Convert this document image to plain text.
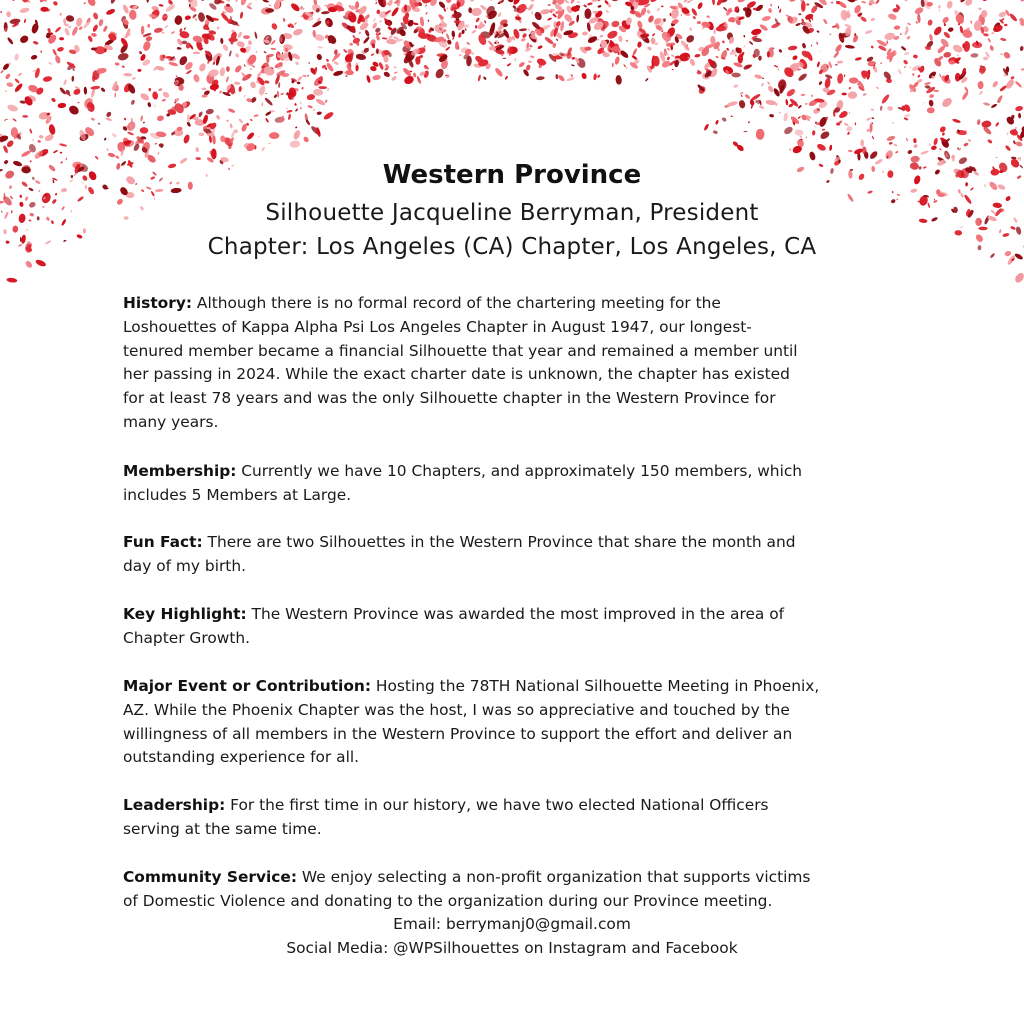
Western Province
Silhouette Jacqueline Berryman, President
Chapter: Los Angeles (CA) Chapter, Los Angeles, CA
History: Although there is no formal record of the chartering meeting for the
Loshouettes of Kappa Alpha Psi Los Angeles Chapter in August 1947, our longest-
tenured member became a financial Silhouette that year and remained a member until
her passing in 2024. While the exact charter date is unknown, the chapter has existed
for at least 78 years and was the only Silhouette chapter in the Western Province for
many years.
Membership: Currently we have 10 Chapters, and approximately 150 members, which
includes 5 Members at Large.
Fun Fact: There are two Silhouettes in the Western Province that share the month and
day of my birth.
Key Highlight: The Western Province was awarded the most improved in the area of
Chapter Growth.
Major Event or Contribution: Hosting the 78TH National Silhouette Meeting in Phoenix,
AZ. While the Phoenix Chapter was the host, I was so appreciative and touched by the
willingness of all members in the Western Province to support the effort and deliver an
outstanding experience for all.
Leadership: For the first time in our history, we have two elected National Officers
serving at the same time.
Community Service: We enjoy selecting a non-profit organization that supports victims
of Domestic Violence and donating to the organization during our Province meeting.
Email: berrymanj0@gmail.com
Social Media: @WPSilhouettes on Instagram and Facebook
